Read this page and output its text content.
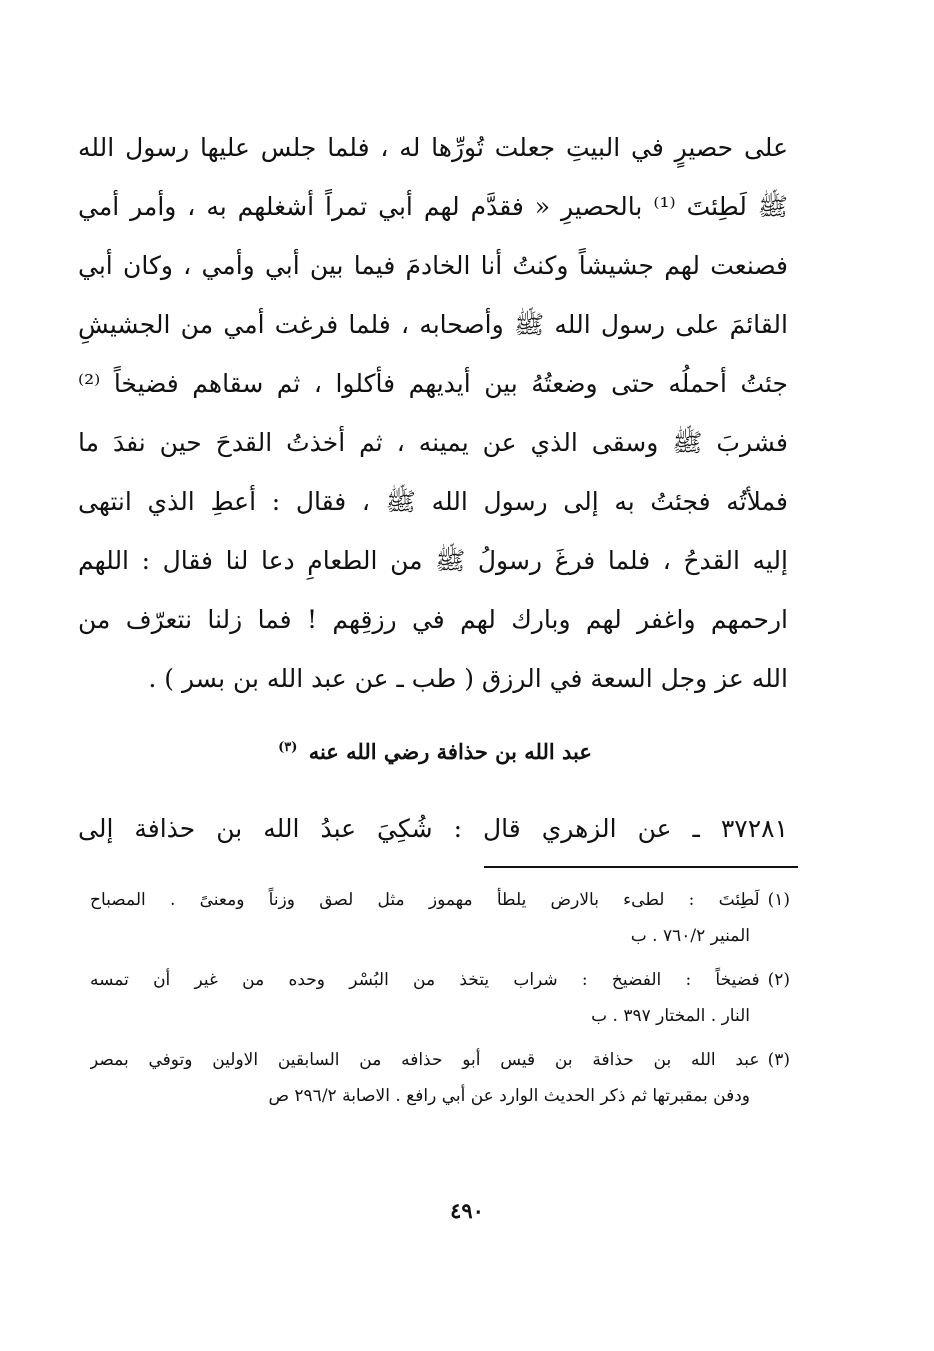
على حصيرٍ في البيتِ جعلت تُورِّها له ، فلما جلس عليها رسول الله
ﷺ لَطِئتَ ⁽¹⁾ بالحصيرِ « فقدَّم لهم أبي تمراً أشغلهم به ، وأمر أمي
فصنعت لهم جشيشاً وكنتُ أنا الخادمَ فيما بين أبي وأمي ، وكان أبي
القائمَ على رسول الله ﷺ وأصحابه ، فلما فرغت أمي من الجشيشِ
جئتُ أحملُه حتى وضعتُهُ بين أيديهم فأكلوا ، ثم سقاهم فضيخاً ⁽²⁾
فشربَ ﷺ وسقى الذي عن يمينه ، ثم أخذتُ القدحَ حين نفدَ ما
فملأتُه فجئتُ به إلى رسول الله ﷺ ، فقال : أعطِ الذي انتهى
إليه القدحُ ، فلما فرغَ رسولُ ﷺ من الطعامِ دعا لنا فقال : اللهم
ارحمهم واغفر لهم وبارك لهم في رزقِهم ! فما زلنا نتعرّف من
الله عز وجل السعة في الرزق ( طب ـ عن عبد الله بن بسر ) .
عبد الله بن حذافة رضي الله عنه $^{(٣)}$
٣٧٢٨١ ـ عن الزهري قال : شُكِيَ عبدُ الله بن حذافة إلى
(١)لَطِئتَ : لطىء بالارض يلطأ مهموز مثل لصق وزناً ومعنىً . المصباح
المنير ٧٦٠/٢ . ب
(٢)فضيخاً : الفضيخ : شراب يتخذ من البُسْر وحده من غير أن تمسه
النار . المختار ٣٩٧ . ب
(٣)عبد الله بن حذافة بن قيس أبو حذافه من السابقين الاولين وتوفي بمصر
ودفن بمقبرتها ثم ذكر الحديث الوارد عن أبي رافع . الاصابة ٢٩٦/٢ ص
٤٩٠
